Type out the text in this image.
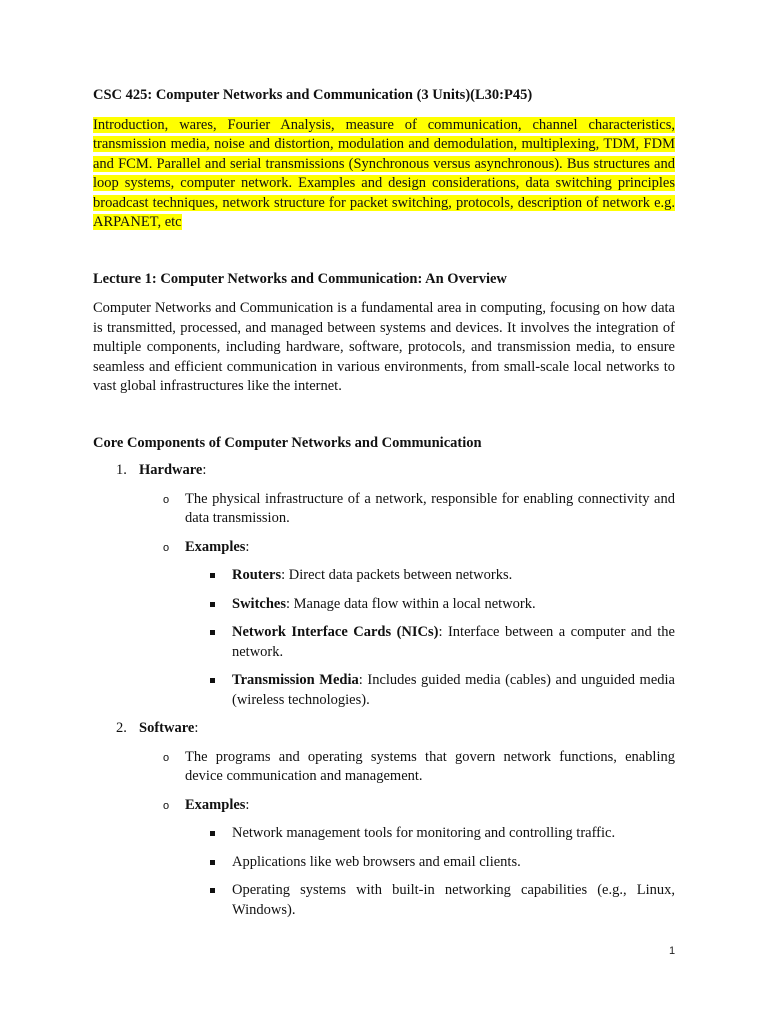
CSC 425: Computer Networks and Communication (3 Units)(L30:P45)

Introduction, wares, Fourier Analysis, measure of communication, channel characteristics, transmission media, noise and distortion, modulation and demodulation, multiplexing, TDM, FDM and FCM. Parallel and serial transmissions (Synchronous versus asynchronous). Bus structures and loop systems, computer network. Examples and design considerations, data switching principles broadcast techniques, network structure for packet switching, protocols, description of network e.g. ARPANET, etc

Lecture 1: Computer Networks and Communication: An Overview

Computer Networks and Communication is a fundamental area in computing, focusing on how data is transmitted, processed, and managed between systems and devices. It involves the integration of multiple components, including hardware, software, protocols, and transmission media, to ensure seamless and efficient communication in various environments, from small-scale local networks to vast global infrastructures like the internet.

Core Components of Computer Networks and Communication

1. Hardware:
o The physical infrastructure of a network, responsible for enabling connectivity and data transmission.
o Examples:
Routers: Direct data packets between networks.
Switches: Manage data flow within a local network.
Network Interface Cards (NICs): Interface between a computer and the network.
Transmission Media: Includes guided media (cables) and unguided media (wireless technologies).
2. Software:
o The programs and operating systems that govern network functions, enabling device communication and management.
o Examples:
Network management tools for monitoring and controlling traffic.
Applications like web browsers and email clients.
Operating systems with built-in networking capabilities (e.g., Linux, Windows).
1
